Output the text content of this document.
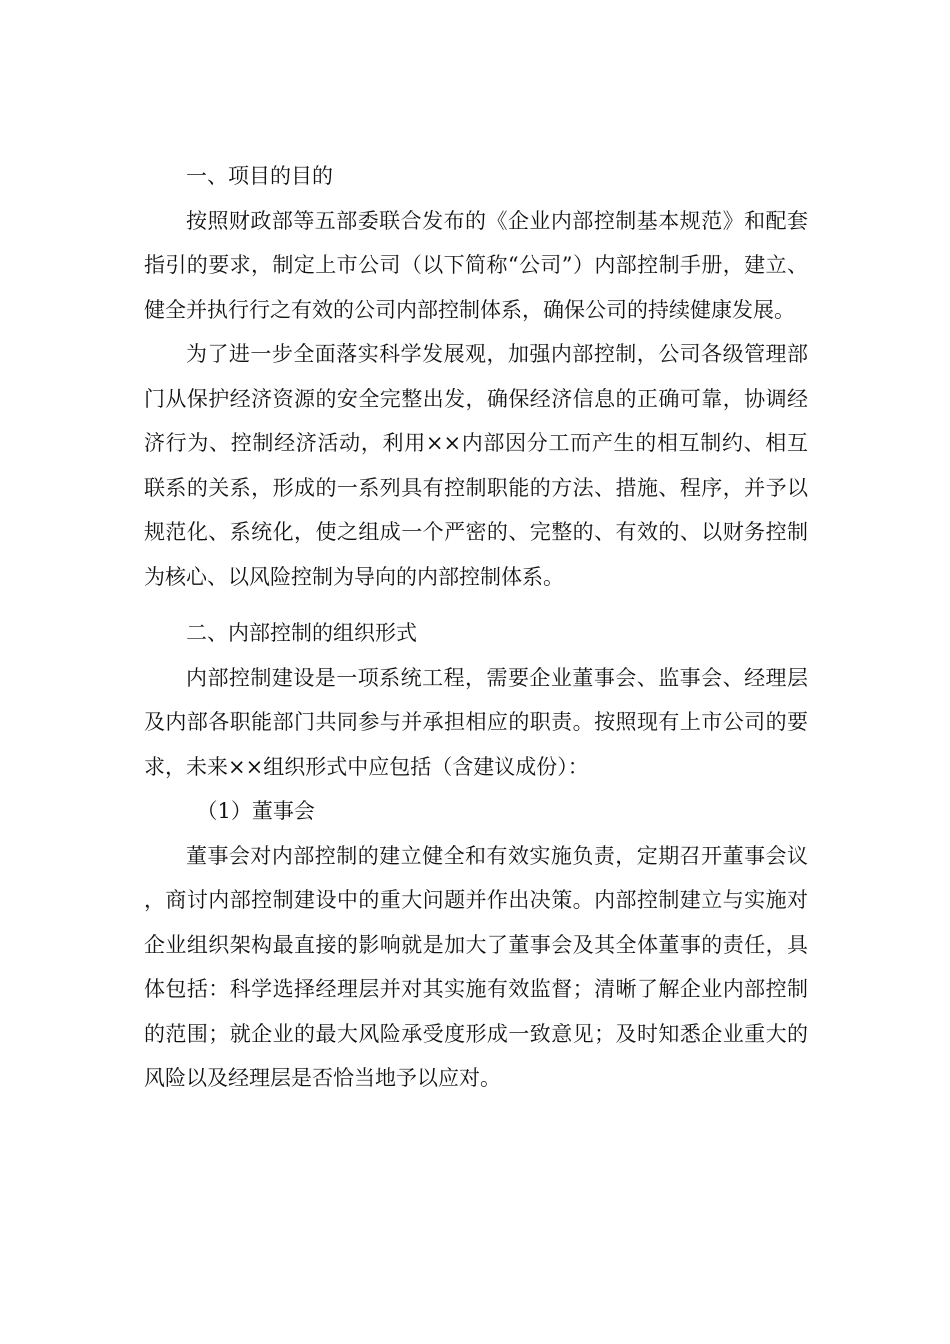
一、项目的目的

按照财政部等五部委联合发布的《企业内部控制基本规范》和配套指引的要求，制定上市公司（以下简称“公司”）内部控制手册，建立、健全并执行行之有效的公司内部控制体系，确保公司的持续健康发展。

为了进一步全面落实科学发展观，加强内部控制，公司各级管理部门从保护经济资源的安全完整出发，确保经济信息的正确可靠，协调经济行为、控制经济活动，利用××内部因分工而产生的相互制约、相互联系的关系，形成的一系列具有控制职能的方法、措施、程序，并予以规范化、系统化，使之组成一个严密的、完整的、有效的、以财务控制为核心、以风险控制为导向的内部控制体系。

二、内部控制的组织形式

内部控制建设是一项系统工程，需要企业董事会、监事会、经理层及内部各职能部门共同参与并承担相应的职责。按照现有上市公司的要求，未来××组织形式中应包括（含建议成份）：

（1）董事会

董事会对内部控制的建立健全和有效实施负责，定期召开董事会议，商讨内部控制建设中的重大问题并作出决策。内部控制建立与实施对企业组织架构最直接的影响就是加大了董事会及其全体董事的责任，具体包括：科学选择经理层并对其实施有效监督；清晰了解企业内部控制的范围；就企业的最大风险承受度形成一致意见；及时知悉企业重大的风险以及经理层是否恰当地予以应对。
